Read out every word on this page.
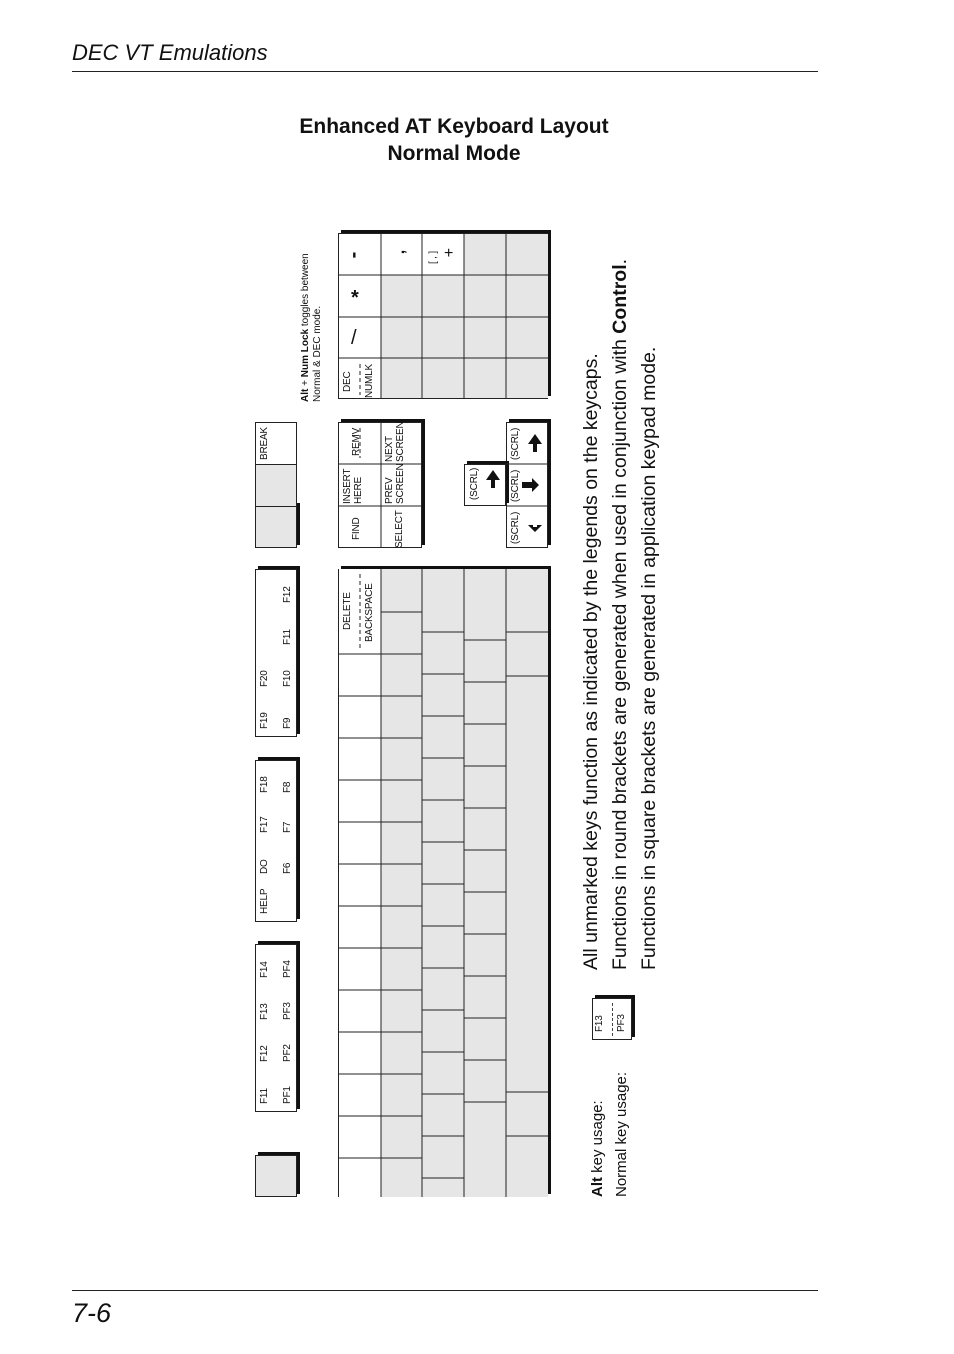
DEC VT Emulations
Enhanced AT Keyboard Layout
Normal Mode
F11 PF1
F12 PF2
F13 PF3
F14 PF4
HELP
DO F6
F17 F7
F18 F8
F19 F9
F20 F10
F11
F12
BREAK
DELETE BACKSPACE
FIND	SELECT
INSERT HERE PREV SCREEN
REMV NEXT SCREEN
(SCRL)
(SCRL)
(SCRL)
(SCRL)
DEC NUMLK
/
*
- , [ , ] +
Alt + Num Lock toggles between
Normal & DEC mode.	All unmarked keys function as indicated by the legends on the keycaps. Functions in round brackets are generated when used in conjunction with Control.
Functions in square brackets are generated in application keypad mode.
Alt key usage: Normal key usage:
F13 PF3
7-6
